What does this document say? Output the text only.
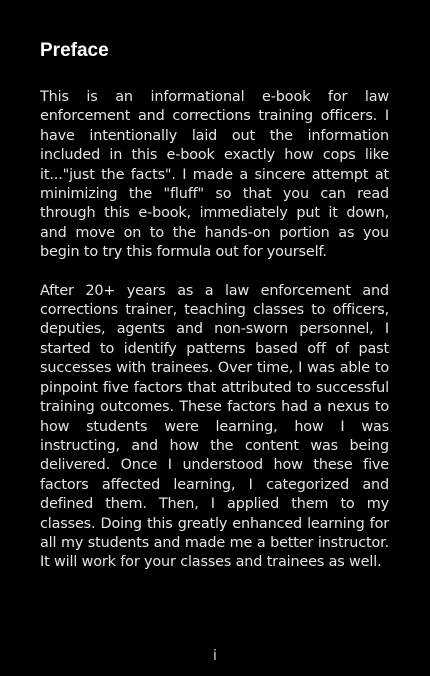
Preface

This is an informational e-book for law enforcement and corrections training officers. I have intentionally laid out the information included in this e-book exactly how cops like it..."just the facts". I made a sincere attempt at minimizing the "fluff" so that you can read through this e-book, immediately put it down, and move on to the hands-on portion as you begin to try this formula out for yourself.

After 20+ years as a law enforcement and corrections trainer, teaching classes to officers, deputies, agents and non-sworn personnel, I started to identify patterns based off of past successes with trainees. Over time, I was able to pinpoint five factors that attributed to successful training outcomes. These factors had a nexus to how students were learning, how I was instructing, and how the content was being delivered. Once I understood how these five factors affected learning, I categorized and defined them. Then, I applied them to my classes. Doing this greatly enhanced learning for all my students and made me a better instructor. It will work for your classes and trainees as well.

i
